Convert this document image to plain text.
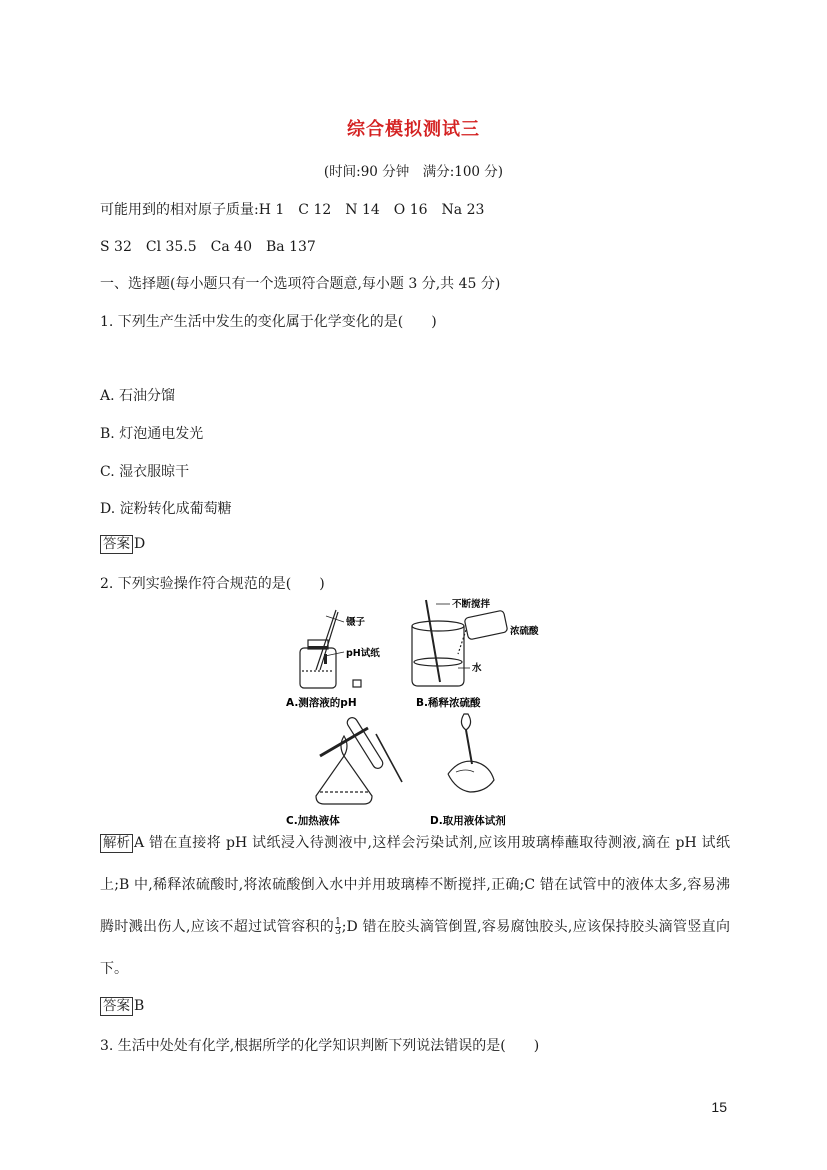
综合模拟测试三
(时间:90 分钟　满分:100 分)
可能用到的相对原子质量:H 1　C 12　N 14　O 16　Na 23
S 32　Cl 35.5　Ca 40　Ba 137
一、选择题(每小题只有一个选项符合题意,每小题 3 分,共 45 分)
1. 下列生产生活中发生的变化属于化学变化的是(　　)
A. 石油分馏
B. 灯泡通电发光
C. 湿衣服晾干
D. 淀粉转化成葡萄糖
答案 D
2. 下列实验操作符合规范的是(　　)
镊子
pH试纸
不断搅拌
浓硫酸
水
A.测溶液的pH	B.稀释浓硫酸
C.加热液体	D.取用液体试剂
解析 A 错在直接将 pH 试纸浸入待测液中,这样会污染试剂,应该用玻璃棒蘸取待测液,滴在 pH 试纸上;B 中,稀释浓硫酸时,将浓硫酸倒入水中并用玻璃棒不断搅拌,正确;C 错在试管中的液体太多,容易沸腾时溅出伤人,应该不超过试管容积的 $\frac{1}{3}$ ;D 错在胶头滴管倒置,容易腐蚀胶头,应该保持胶头滴管竖直向下。
答案 B
3. 生活中处处有化学,根据所学的化学知识判断下列说法错误的是(　　)
15
